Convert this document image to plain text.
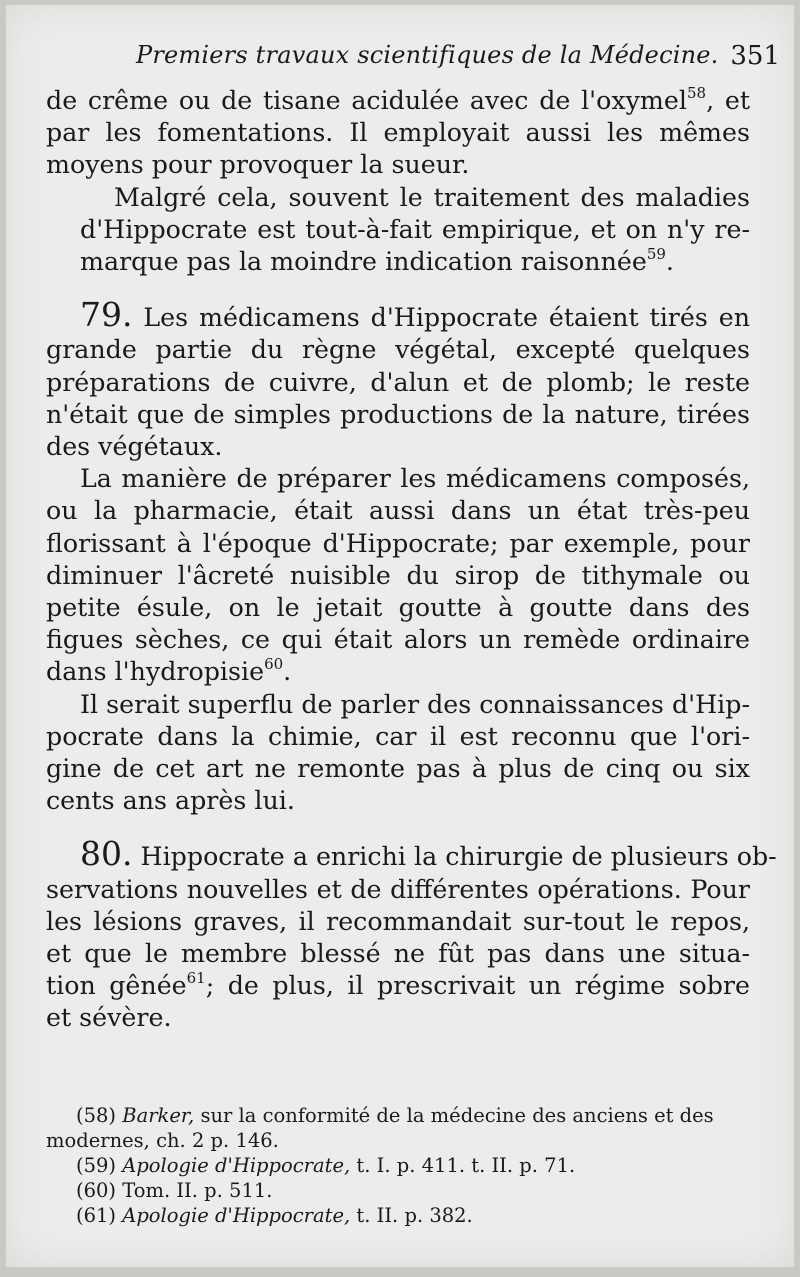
Premiers travaux scientifiques de la Médecine. 351

de crême ou de tisane acidulée avec de l'oxymel$^{58}$, et
par les fomentations. Il employait aussi les mêmes
moyens pour provoquer la sueur.

Malgré cela, souvent le traitement des maladies
d'Hippocrate est tout-à-fait empirique, et on n'y re-
marque pas la moindre indication raisonnée$^{59}$.

79. Les médicamens d'Hippocrate étaient tirés en
grande partie du règne végétal, excepté quelques
préparations de cuivre, d'alun et de plomb; le reste
n'était que de simples productions de la nature, tirées
des végétaux.

La manière de préparer les médicamens composés,
ou la pharmacie, était aussi dans un état très-peu
florissant à l'époque d'Hippocrate; par exemple, pour
diminuer l'âcreté nuisible du sirop de tithymale ou
petite ésule, on le jetait goutte à goutte dans des
figues sèches, ce qui était alors un remède ordinaire
dans l'hydropisie$^{60}$.

Il serait superflu de parler des connaissances d'Hip-
pocrate dans la chimie, car il est reconnu que l'ori-
gine de cet art ne remonte pas à plus de cinq ou six
cents ans après lui.

80. Hippocrate a enrichi la chirurgie de plusieurs ob-
servations nouvelles et de différentes opérations. Pour
les lésions graves, il recommandait sur-tout le repos,
et que le membre blessé ne fût pas dans une situa-
tion gênée$^{61}$; de plus, il prescrivait un régime sobre
et sévère.

(58) Barker, sur la conformité de la médecine des anciens et des

modernes, ch. 2 p. 146.

(59) Apologie d'Hippocrate, t. I. p. 411. t. II. p. 71.

(60) Tom. II. p. 511.

(61) Apologie d'Hippocrate, t. II. p. 382.
